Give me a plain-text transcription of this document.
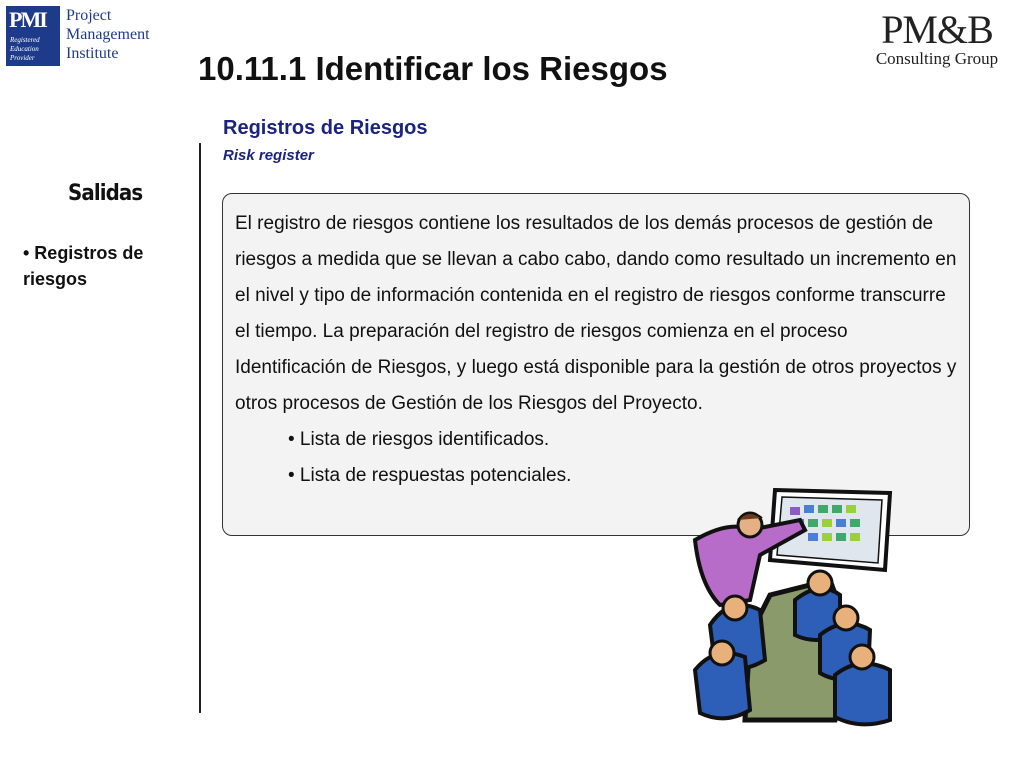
PMI
Registered
Education
Provider
Project
Management
Institute
PM&B
Consulting Group
10.11.1 Identificar los Riesgos
Registros de Riesgos
Risk register
Salidas
• Registros de riesgos
El registro de riesgos contiene los resultados de los demás procesos de gestión de riesgos a medida que se llevan a cabo cabo, dando como resultado un incremento en el nivel y tipo de información contenida en el registro de riesgos conforme transcurre el tiempo. La preparación del registro de riesgos comienza en el proceso Identificación de Riesgos, y luego está disponible para la gestión de otros proyectos y otros procesos de Gestión de los Riesgos del Proyecto.
• Lista de riesgos identificados.
• Lista de respuestas potenciales.
